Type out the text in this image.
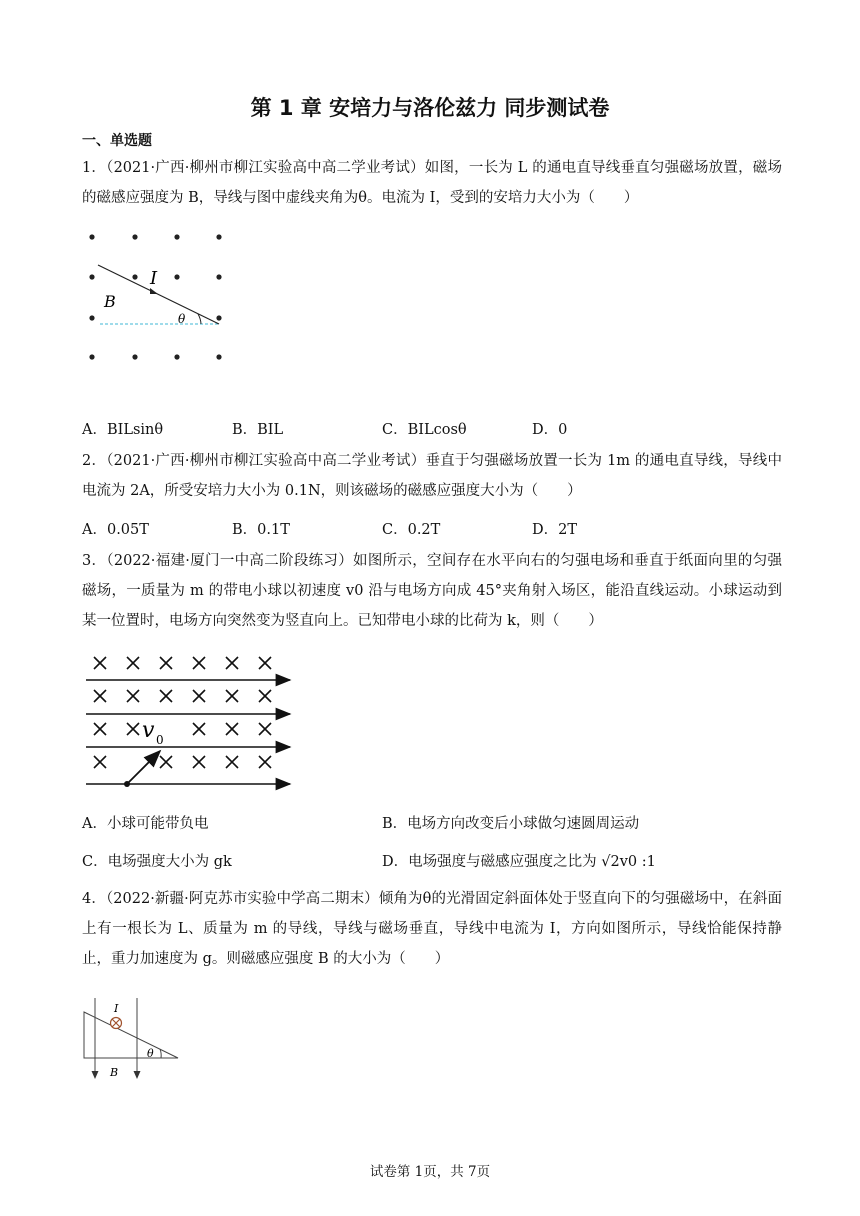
第 1 章 安培力与洛伦兹力 同步测试卷
一、单选题
1．（2021·广西·柳州市柳江实验高中高二学业考试）如图，一长为 L 的通电直导线垂直匀强磁场放置，磁场的磁感应强度为 B，导线与图中虚线夹角为θ。电流为 I，受到的安培力大小为（　　）
I
B
θ
A．BILsinθ	B．BIL	C．BILcosθ	D．0
2．（2021·广西·柳州市柳江实验高中高二学业考试）垂直于匀强磁场放置一长为 1m 的通电直导线，导线中电流为 2A，所受安培力大小为 0.1N，则该磁场的磁感应强度大小为（　　）
A．0.05T	B．0.1T	C．0.2T	D．2T
3．（2022·福建·厦门一中高二阶段练习）如图所示，空间存在水平向右的匀强电场和垂直于纸面向里的匀强磁场，一质量为 m 的带电小球以初速度 v0 沿与电场方向成 45°夹角射入场区，能沿直线运动。小球运动到某一位置时，电场方向突然变为竖直向上。已知带电小球的比荷为 k，则（　　）
v 0
A．小球可能带负电	B．电场方向改变后小球做匀速圆周运动
C．电场强度大小为 gk	D．电场强度与磁感应强度之比为 √2v0 :1
4．（2022·新疆·阿克苏市实验中学高二期末）倾角为θ的光滑固定斜面体处于竖直向下的匀强磁场中，在斜面上有一根长为 L、质量为 m 的导线，导线与磁场垂直，导线中电流为 I，方向如图所示，导线恰能保持静止，重力加速度为 g。则磁感应强度 B 的大小为（　　）
I
θ
B
试卷第 1页，共 7页
